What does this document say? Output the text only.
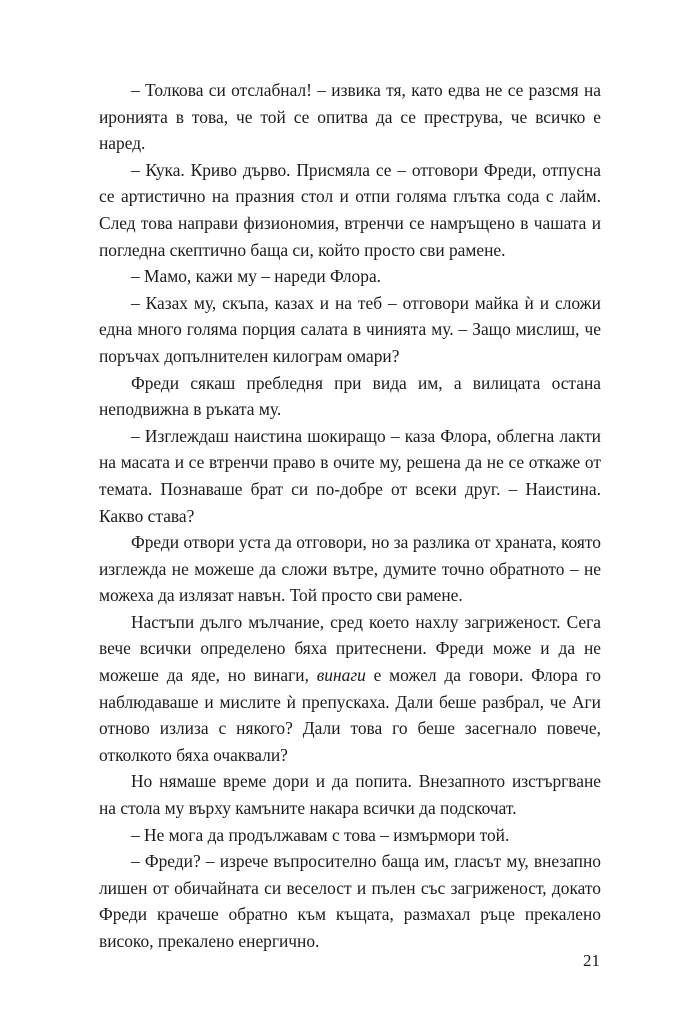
– Толкова си отслабнал! – извика тя, като едва не се разсмя на иронията в това, че той се опитва да се преструва, че всичко е наред.

– Кука. Криво дърво. Присмяла се – отговори Фреди, отпусна се артистично на празния стол и отпи голяма глътка сода с лайм. След това направи физиономия, втренчи се намръщено в чашата и погледна скептично баща си, който просто сви рамене.

– Мамо, кажи му – нареди Флора.

– Казах му, скъпа, казах и на теб – отговори майка ѝ и сложи една много голяма порция салата в чинията му. – Защо мислиш, че поръчах допълнителен килограм омари?

Фреди сякаш пребледня при вида им, а вилицата остана неподвижна в ръката му.

– Изглеждаш наистина шокиращо – каза Флора, облегна лакти на масата и се втренчи право в очите му, решена да не се откаже от темата. Познаваше брат си по-добре от всеки друг. – Наистина. Какво става?

Фреди отвори уста да отговори, но за разлика от храната, която изглежда не можеше да сложи вътре, думите точно обратното – не можеха да излязат навън. Той просто сви рамене.

Настъпи дълго мълчание, сред което нахлу загриженост. Сега вече всички определено бяха притеснени. Фреди може и да не можеше да яде, но винаги, винаги е можел да говори. Флора го наблюдаваше и мислите ѝ препускаха. Дали беше разбрал, че Аги отново излиза с някого? Дали това го беше засегнало повече, отколкото бяха очаквали?

Но нямаше време дори и да попита. Внезапното изстъргване на стола му върху камъните накара всички да подскочат.

– Не мога да продължавам с това – измърмори той.

– Фреди? – изрече въпросително баща им, гласът му, внезапно лишен от обичайната си веселост и пълен със загриженост, докато Фреди крачеше обратно към къщата, размахал ръце прекалено високо, прекалено енергично.

21
